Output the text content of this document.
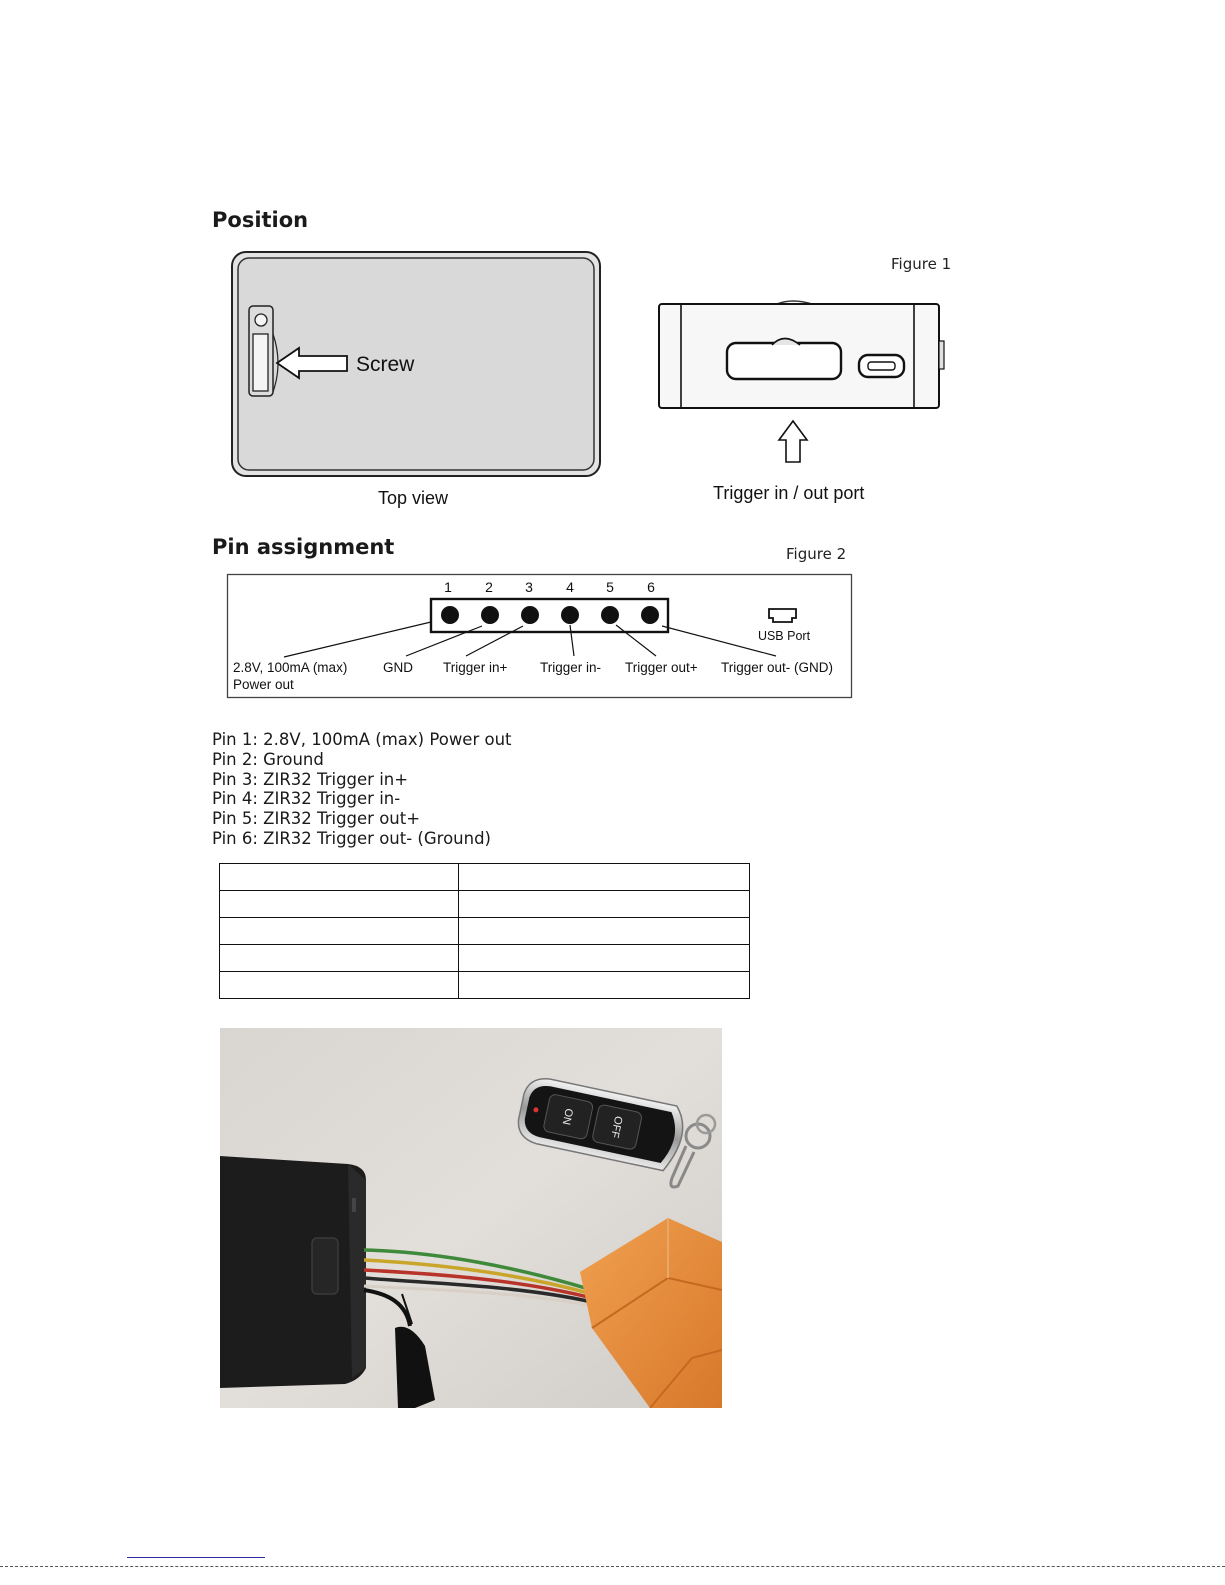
Position
Figure 1
Screw
Top view	Trigger in / out port
Pin assignment	Figure 2
1 2 3 4 5 6
USB Port
2.8V, 100mA (max)
Power out
GND Trigger in+ Trigger in- Trigger out+ Trigger out- (GND)
Pin 1: 2.8V, 100mA (max) Power out
Pin 2: Ground
Pin 3: ZIR32 Trigger in+
Pin 4: ZIR32 Trigger in-
Pin 5: ZIR32 Trigger out+
Pin 6: ZIR32 Trigger out- (Ground)

ON	OFF
